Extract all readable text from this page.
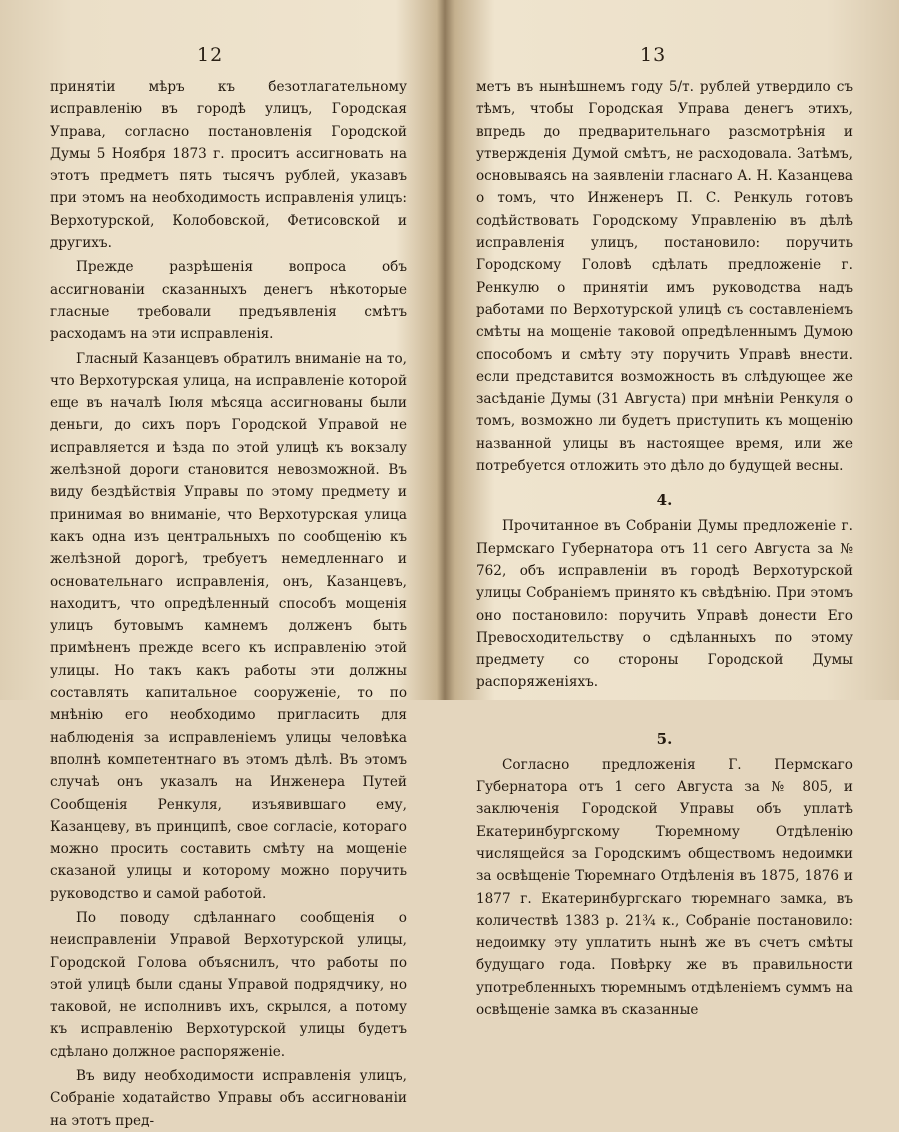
12

принятіи мѣръ къ безотлагательному исправленію въ городѣ улицъ, Городская Управа, согласно постановленія Городской Думы 5 Ноября 1873 г. проситъ ассигновать на этотъ предметъ пять тысячъ рублей, указавъ при этомъ на необходимость исправленія улицъ: Верхотурской, Колобовской, Фетисовской и другихъ.

Прежде разрѣшенія вопроса объ ассигнованіи сказанныхъ денегъ нѣкоторые гласные требовали предъявленія смѣтъ расходамъ на эти исправленія.

Гласный Казанцевъ обратилъ вниманіе на то, что Верхотурская улица, на исправленіе которой еще въ началѣ Іюля мѣсяца ассигнованы были деньги, до сихъ поръ Городской Управой не исправляется и ѣзда по этой улицѣ къ вокзалу желѣзной дороги становится невозможной. Въ виду бездѣйствія Управы по этому предмету и принимая во вниманіе, что Верхотурская улица какъ одна изъ центральныхъ по сообщенію къ желѣзной дорогѣ, требуетъ немедленнаго и основательнаго исправленія, онъ, Казанцевъ, находитъ, что опредѣленный способъ мощенія улицъ бутовымъ камнемъ долженъ быть примѣненъ прежде всего къ исправленію этой улицы. Но такъ какъ работы эти должны составлять капитальное сооруженіе, то по мнѣнію его необходимо пригласить для наблюденія за исправленіемъ улицы человѣка вполнѣ компетентнаго въ этомъ дѣлѣ. Въ этомъ случаѣ онъ указалъ на Инженера Путей Сообщенія Ренкуля, изъявившаго ему, Казанцеву, въ принципѣ, свое согласіе, котораго можно просить составить смѣту на мощеніе сказаной улицы и которому можно поручить руководство и самой работой.

По поводу сдѣланнаго сообщенія о неисправленіи Управой Верхотурской улицы, Городской Голова объяснилъ, что работы по этой улицѣ были сданы Управой подрядчику, но таковой, не исполнивъ ихъ, скрылся, а потому къ исправленію Верхотурской улицы будетъ сдѣлано должное распоряженіе.

Въ виду необходимости исправленія улицъ, Собраніе ходатайство Управы объ ассигнованіи на этотъ пред-

13

метъ въ нынѣшнемъ году 5/т. рублей утвердило съ тѣмъ, чтобы Городская Управа денегъ этихъ, впредь до предварительнаго разсмотрѣнія и утвержденія Думой смѣтъ, не расходовала. Затѣмъ, основываясь на заявленіи гласнаго А. Н. Казанцева о томъ, что Инженеръ П. С. Ренкуль готовъ содѣйствовать Городскому Управленію въ дѣлѣ исправленія улицъ, постановило: поручить Городскому Головѣ сдѣлать предложеніе г. Ренкулю о принятіи имъ руководства надъ работами по Верхотурской улицѣ съ составленіемъ смѣты на мощеніе таковой опредѣленнымъ Думою способомъ и смѣту эту поручить Управѣ внести. если представится возможность въ слѣдующее же засѣданіе Думы (31 Августа) при мнѣніи Ренкуля о томъ, возможно ли будетъ приступить къ мощенію названной улицы въ настоящее время, или же потребуется отложить это дѣло до будущей весны.

4.

Прочитанное въ Собраніи Думы предложеніе г. Пермскаго Губернатора отъ 11 сего Августа за № 762, объ исправленіи въ городѣ Верхотурской улицы Собраніемъ принято къ свѣдѣнію. При этомъ оно постановило: поручить Управѣ донести Его Превосходительству о сдѣланныхъ по этому предмету со стороны Городской Думы распоряженіяхъ.

5.

Согласно предложенія Г. Пермскаго Губернатора отъ 1 сего Августа за № 805, и заключенія Городской Управы объ уплатѣ Екатеринбургскому Тюремному Отдѣленію числящейся за Городскимъ обществомъ недоимки за освѣщеніе Тюремнаго Отдѣленія въ 1875, 1876 и 1877 г. Екатеринбургскаго тюремнаго замка, въ количествѣ 1383 р. 21¾ к., Собраніе постановило: недоимку эту уплатить нынѣ же въ счетъ смѣты будущаго года. Повѣрку же въ правильности употребленныхъ тюремнымъ отдѣленіемъ суммъ на освѣщеніе замка въ сказанные
